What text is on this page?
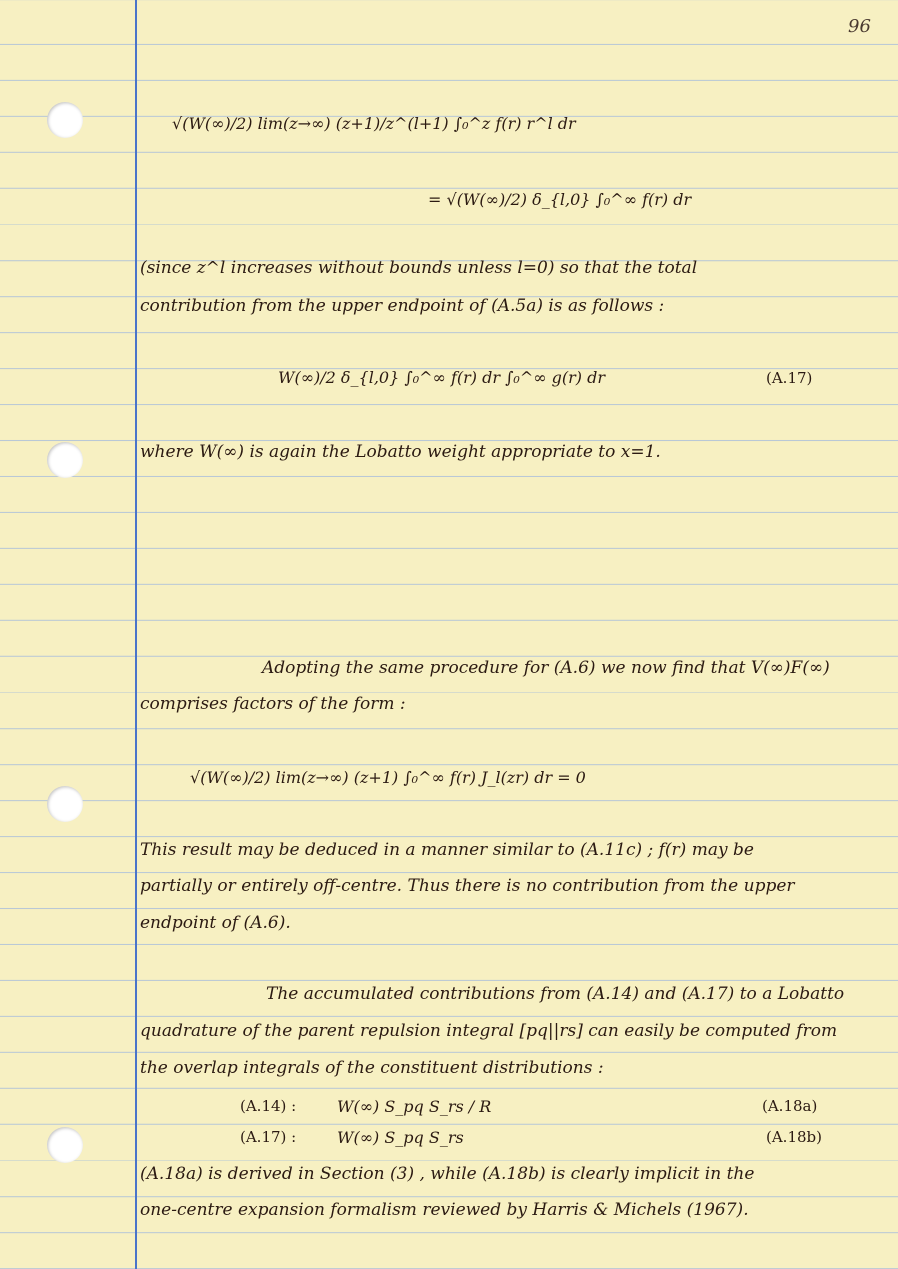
96
√(W(∞)/2) lim(z→∞) (z+1)/z^(l+1) ∫₀^z f(r) r^l dr
= √(W(∞)/2) δ_{l,0} ∫₀^∞ f(r) dr
(since z^l increases without bounds unless l=0) so that the total
contribution from the upper endpoint of (A.5a) is as follows :
W(∞)/2 δ_{l,0} ∫₀^∞ f(r) dr ∫₀^∞ g(r) dr	(A.17)
where W(∞) is again the Lobatto weight appropriate to x=1.
Adopting the same procedure for (A.6) we now find that V(∞)F(∞)
comprises factors of the form :
√(W(∞)/2) lim(z→∞) (z+1) ∫₀^∞ f(r) J_l(zr) dr = 0
This result may be deduced in a manner similar to (A.11c) ; f(r) may be
partially or entirely off-centre. Thus there is no contribution from the upper
endpoint of (A.6).
The accumulated contributions from (A.14) and (A.17) to a Lobatto
quadrature of the parent repulsion integral [pq||rs] can easily be computed from
the overlap integrals of the constituent distributions :
(A.14) :	W(∞) S_pq S_rs / R	(A.18a)
(A.17) :	W(∞) S_pq S_rs	(A.18b)
(A.18a) is derived in Section (3) , while (A.18b) is clearly implicit in the
one-centre expansion formalism reviewed by Harris & Michels (1967).
